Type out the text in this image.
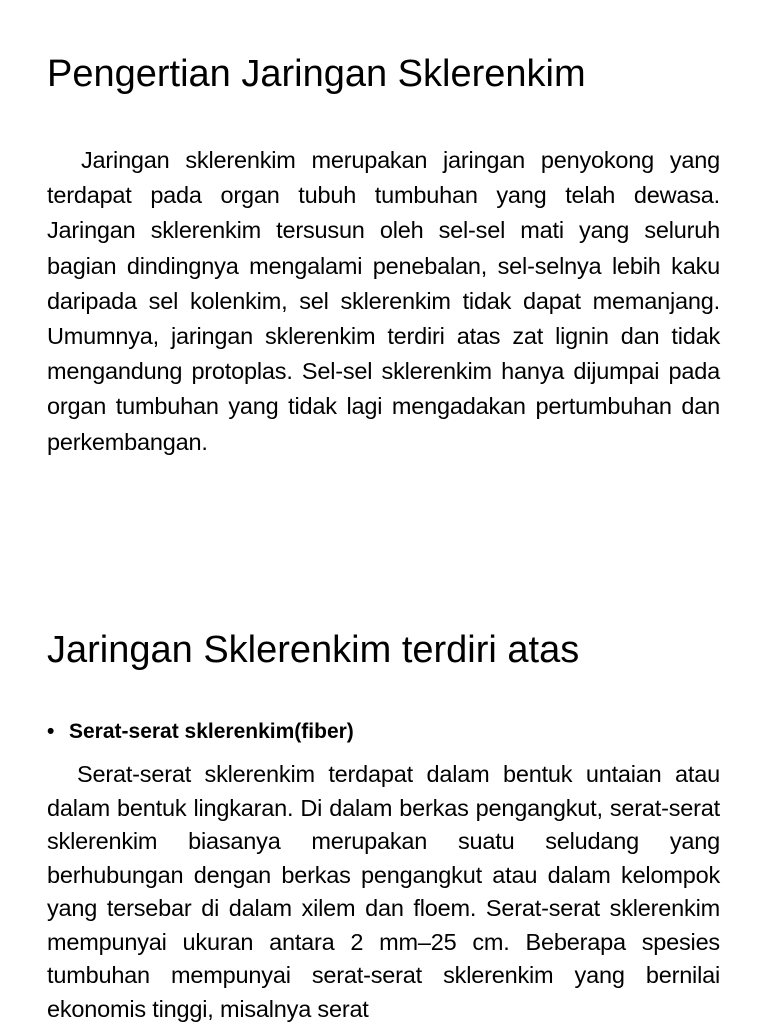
Pengertian Jaringan Sklerenkim

Jaringan sklerenkim merupakan jaringan penyokong yang terdapat pada organ tubuh tumbuhan yang telah dewasa. Jaringan sklerenkim tersusun oleh sel-sel mati yang seluruh bagian dindingnya mengalami penebalan, sel-selnya lebih kaku daripada sel kolenkim, sel sklerenkim tidak dapat memanjang. Umumnya, jaringan sklerenkim terdiri atas zat lignin dan tidak mengandung protoplas. Sel-sel sklerenkim hanya dijumpai pada organ tumbuhan yang tidak lagi mengadakan pertumbuhan dan perkembangan.

Jaringan Sklerenkim terdiri atas
• Serat-serat sklerenkim(fiber)

Serat-serat sklerenkim terdapat dalam bentuk untaian atau dalam bentuk lingkaran. Di dalam berkas pengangkut, serat-serat sklerenkim biasanya merupakan suatu seludang yang berhubungan dengan berkas pengangkut atau dalam kelompok yang tersebar di dalam xilem dan floem. Serat-serat sklerenkim mempunyai ukuran antara 2 mm–25 cm. Beberapa spesies tumbuhan mempunyai serat-serat sklerenkim yang bernilai ekonomis tinggi, misalnya serat
